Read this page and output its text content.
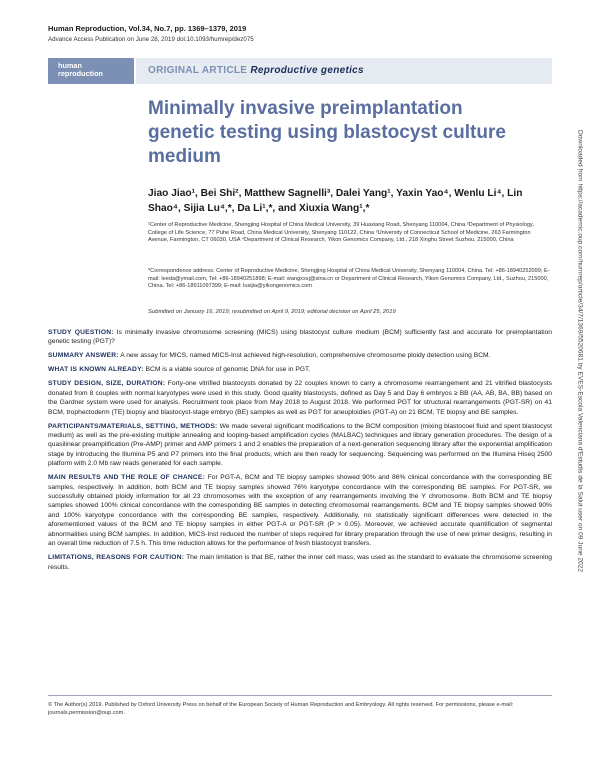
Human Reproduction, Vol.34, No.7, pp. 1369–1379, 2019
Advance Access Publication on June 28, 2019 doi:10.1093/humrep/dez075
human
reproduction	ORIGINAL ARTICLE Reproductive genetics
Minimally invasive preimplantation genetic testing using blastocyst culture medium
Jiao Jiao¹, Bei Shi², Matthew Sagnelli³, Dalei Yang¹, Yaxin Yao⁴, Wenlu Li⁴, Lin Shao⁴, Sijia Lu⁴,*, Da Li¹,*, and Xiuxia Wang¹,*
¹Center of Reproductive Medicine, Shengjing Hospital of China Medical University, 39 Huaxiang Road, Shenyang 110004, China ²Department of Physiology, College of Life Science, 77 Puhe Road, China Medical University, Shenyang 110122, China ³University of Connecticut School of Medicine, 263 Farmington Avenue, Farmington, CT 06030, USA ⁴Department of Clinical Research, Yikon Genomics Company, Ltd., 218 Xinghu Street Suzhou, 215000, China
*Correspondence address. Center of Reproductive Medicine, Shengjing Hospital of China Medical University, Shenyang 110004, China. Tel: +86-18940252099; E-mail: leeda@ymail.com, Tel: +86-18940251898; E-mail: wangxxsj@sina.cn or Department of Clinical Research, Yikon Genomics Company, Ltd., Suzhou, 215000, China. Tel: +86-18911097399; E-mail: lusijia@yikongenomics.com
Submitted on January 16, 2019; resubmitted on April 9, 2019; editorial decision on April 25, 2019

STUDY QUESTION: Is minimally invasive chromosome screening (MICS) using blastocyst culture medium (BCM) sufficiently fast and accurate for preimplantation genetic testing (PGT)?

SUMMARY ANSWER: A new assay for MICS, named MICS-Inst achieved high-resolution, comprehensive chromosome ploidy detection using BCM.

WHAT IS KNOWN ALREADY: BCM is a viable source of genomic DNA for use in PGT.

STUDY DESIGN, SIZE, DURATION: Forty-one vitrified blastocysts donated by 22 couples known to carry a chromosome rearrangement and 21 vitrified blastocysts donated from 8 couples with normal karyotypes were used in this study. Good quality blastocysts, defined as Day 5 and Day 6 embryos ≥ BB (AA, AB, BA, BB) based on the Gardner system were used for analysis. Recruitment took place from May 2018 to August 2018. We performed PGT for structural rearrangements (PGT-SR) on 41 BCM, trophectoderm (TE) biopsy and blastocyst-stage embryo (BE) samples as well as PGT for aneuploidies (PGT-A) on 21 BCM, TE biopsy and BE samples.

PARTICIPANTS/MATERIALS, SETTING, METHODS: We made several significant modifications to the BCM composition (mixing blastocoel fluid and spent blastocyst medium) as well as the pre-existing multiple annealing and looping-based amplification cycles (MALBAC) techniques and library generation procedures. The design of a quasilinear preamplification (Pre-AMP) primer and AMP primers 1 and 2 enables the preparation of a next-generation sequencing library after the exponential amplification stage by introducing the Illumina P5 and P7 primers into the final products, which are then ready for sequencing. Sequencing was performed on the Illumina Hiseq 2500 platform with 2.0 Mb raw reads generated for each sample.

MAIN RESULTS AND THE ROLE OF CHANCE: For PGT-A, BCM and TE biopsy samples showed 90% and 86% clinical concordance with the corresponding BE samples, respectively. In addition, both BCM and TE biopsy samples showed 76% karyotype concordance with the corresponding BE samples. For PGT-SR, we successfully obtained ploidy information for all 23 chromosomes with the exception of any rearrangements involving the Y chromosome. Both BCM and TE biopsy samples showed 100% clinical concordance with the corresponding BE samples in detecting chromosomal rearrangements. BCM and TE biopsy samples showed 90% and 100% karyotype concordance with the corresponding BE samples, respectively. Additionally, no statistically significant differences were detected in the aforementioned values of the BCM and TE biopsy samples in either PGT-A or PGT-SR (P > 0.05). Moreover, we achieved accurate quantification of segmental abnormalities using BCM samples. In addition, MICS-Inst reduced the number of steps required for library preparation through the use of new primer designs, resulting in an overall time reduction of 7.5 h. This time reduction allows for the performance of fresh blastocyst transfers.

LIMITATIONS, REASONS FOR CAUTION: The main limitation is that BE, rather the inner cell mass, was used as the standard to evaluate the chromosome screening results.

© The Author(s) 2019. Published by Oxford University Press on behalf of the European Society of Human Reproduction and Embryology. All rights reserved. For permissions, please e-mail: journals.permission@oup.com.
Downloaded from https://academic.oup.com/humrep/article/34/7/1369/5520681 by EVES-Escola Valenciana d'Estudis de la Salut user on 09 June 2022
